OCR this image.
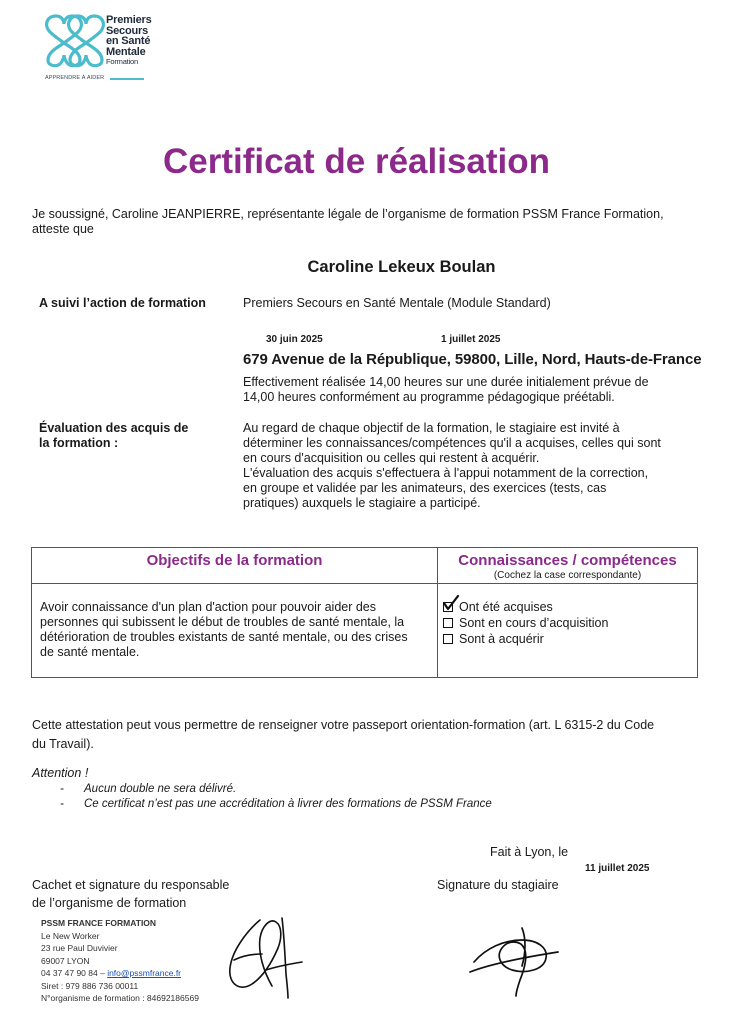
Premiers
Secours
en Santé
Mentale
Formation
APPRENDRE À AIDER
Certificat de réalisation
Je soussigné, Caroline JEANPIERRE, représentante légale de l’organisme de formation PSSM France Formation,
atteste que
Caroline Lekeux Boulan
A suivi l’action de formation	Premiers Secours en Santé Mentale (Module Standard)
30 juin 2025	1 juillet 2025
679 Avenue de la République, 59800, Lille, Nord, Hauts-de-France
Effectivement réalisée 14,00 heures sur une durée initialement prévue de
14,00 heures conformément au programme pédagogique préétabli.
Évaluation des acquis de
la formation :
Au regard de chaque objectif de la formation, le stagiaire est invité à
déterminer les connaissances/compétences qu'il a acquises, celles qui sont
en cours d'acquisition ou celles qui restent à acquérir.
L'évaluation des acquis s'effectuera à l'appui notamment de la correction,
en groupe et validée par les animateurs, des exercices (tests, cas
pratiques) auxquels le stagiaire a participé.
Objectifs de la formation	Connaissances / compétences
(Cochez la case correspondante)
Avoir connaissance d'un plan d'action pour pouvoir aider des
personnes qui subissent le début de troubles de santé mentale, la
détérioration de troubles existants de santé mentale, ou des crises
de santé mentale.
Ont été acquises
Sont en cours d’acquisition
Sont à acquérir
Cette attestation peut vous permettre de renseigner votre passeport orientation-formation (art. L 6315-2 du Code
du Travail).
Attention !
- Aucun double ne sera délivré.
- Ce certificat n’est pas une accréditation à livrer des formations de PSSM France
Fait à Lyon, le
11 juillet 2025
Cachet et signature du responsable
de l’organisme de formation
Signature du stagiaire
PSSM FRANCE FORMATION
Le New Worker
23 rue Paul Duvivier
69007 LYON
04 37 47 90 84 – info@pssmfrance.fr
Siret : 979 886 736 00011
N°organisme de formation : 84692186569
